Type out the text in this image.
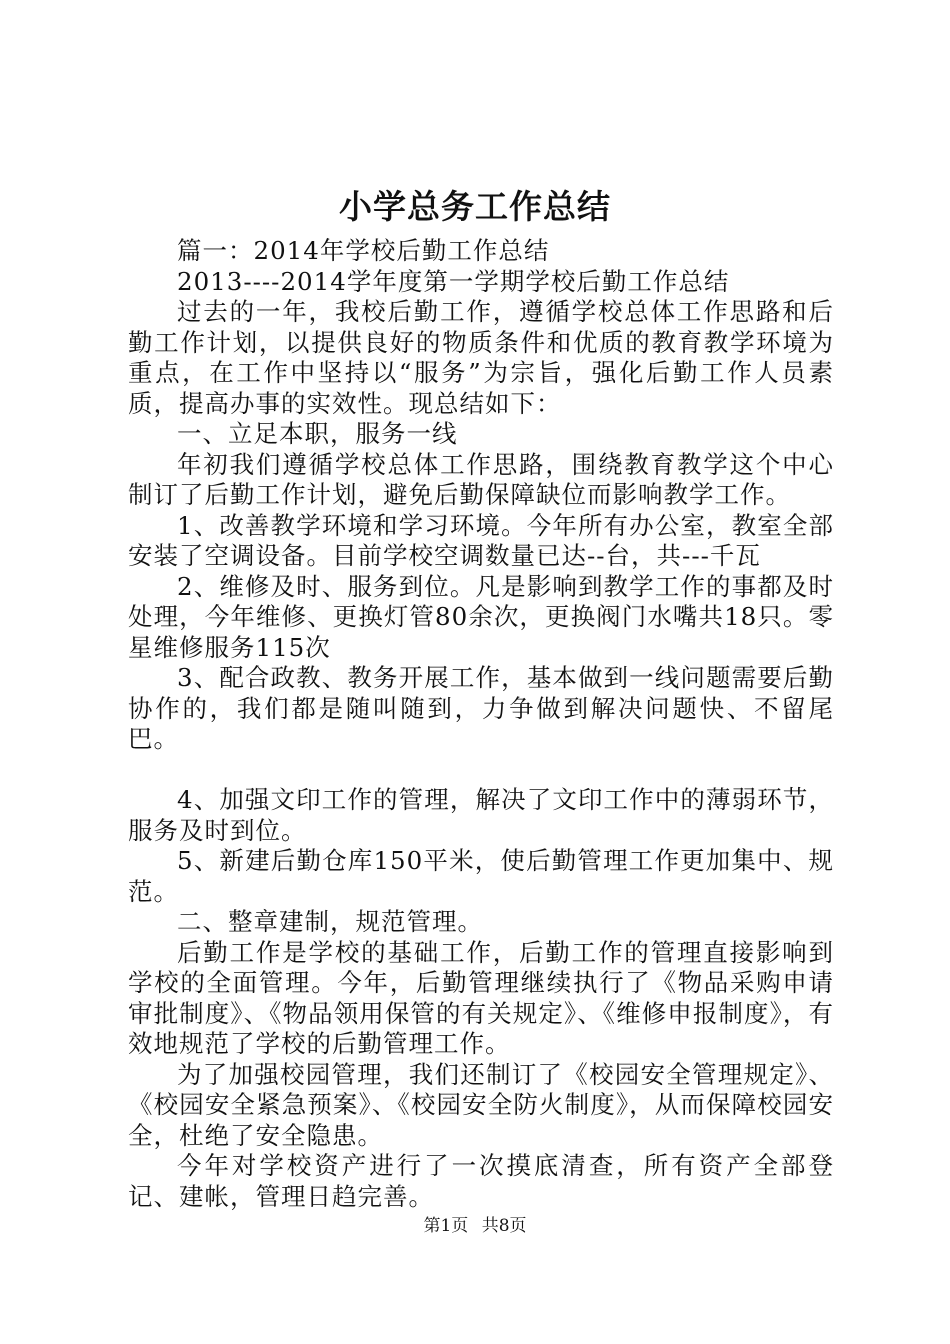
小学总务工作总结

篇一：2014年学校后勤工作总结

2013----2014学年度第一学期学校后勤工作总结

过去的一年，我校后勤工作，遵循学校总体工作思路和后勤工作计划，以提供良好的物质条件和优质的教育教学环境为重点，在工作中坚持以“服务”为宗旨，强化后勤工作人员素质，提高办事的实效性。现总结如下：

一、立足本职，服务一线

年初我们遵循学校总体工作思路，围绕教育教学这个中心制订了后勤工作计划，避免后勤保障缺位而影响教学工作。

1、改善教学环境和学习环境。今年所有办公室，教室全部安装了空调设备。目前学校空调数量已达--台，共---千瓦

2、维修及时、服务到位。凡是影响到教学工作的事都及时处理，今年维修、更换灯管80余次，更换阀门水嘴共18只。零星维修服务115次

3、配合政教、教务开展工作，基本做到一线问题需要后勤协作的，我们都是随叫随到，力争做到解决问题快、不留尾巴。

4、加强文印工作的管理，解决了文印工作中的薄弱环节，服务及时到位。

5、新建后勤仓库150平米，使后勤管理工作更加集中、规范。

二、整章建制，规范管理。

后勤工作是学校的基础工作，后勤工作的管理直接影响到学校的全面管理。今年，后勤管理继续执行了《物品采购申请审批制度》、《物品领用保管的有关规定》、《维修申报制度》，有效地规范了学校的后勤管理工作。

为了加强校园管理，我们还制订了《校园安全管理规定》、《校园安全紧急预案》、《校园安全防火制度》，从而保障校园安全，杜绝了安全隐患。

今年对学校资产进行了一次摸底清查，所有资产全部登记、建帐，管理日趋完善。

第1页 共8页
